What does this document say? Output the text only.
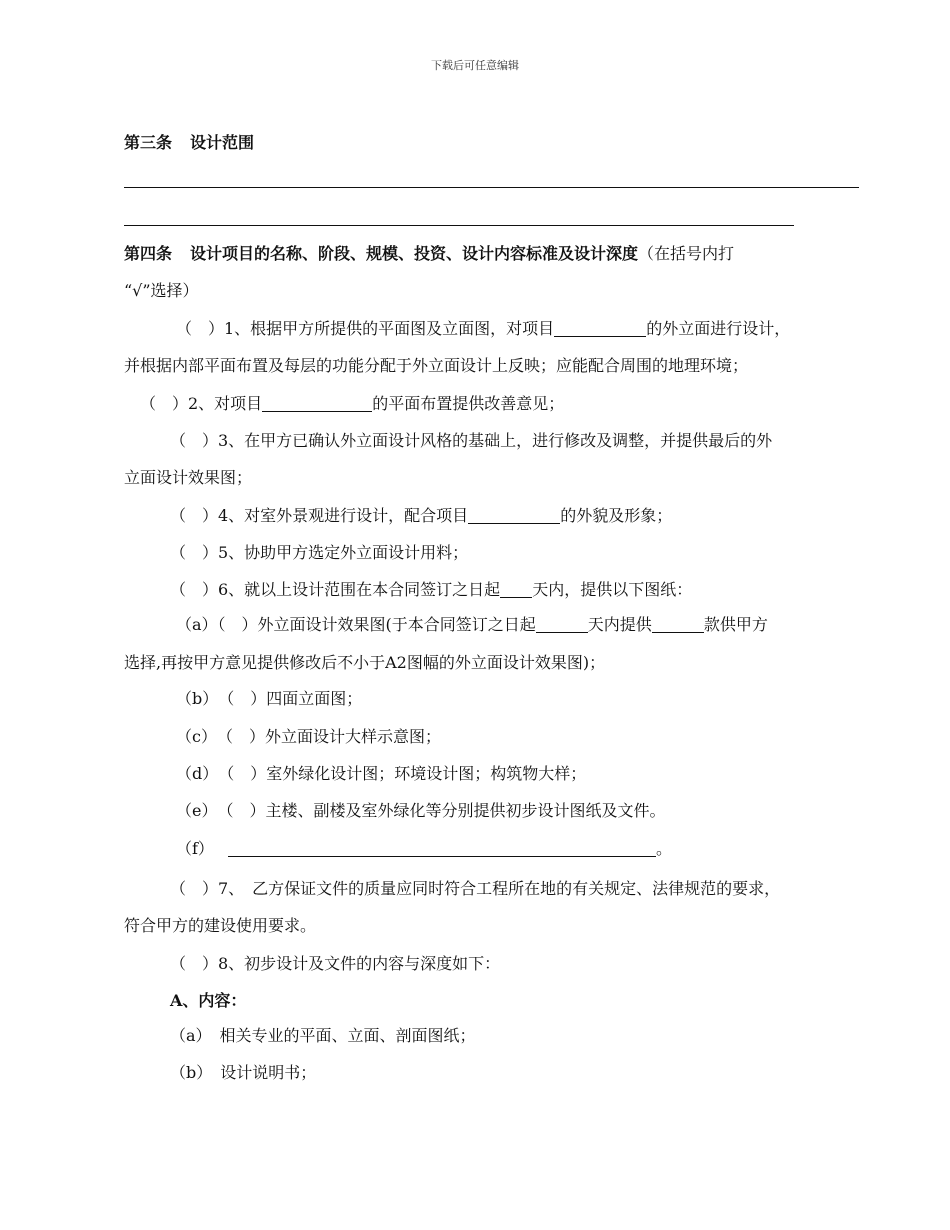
下载后可任意编辑
第三条 设计范围
第四条 设计项目的名称、阶段、规模、投资、设计内容标准及设计深度（在括号内打
“√”选择）
（　）1、根据甲方所提供的平面图及立面图，对项目	的外立面进行设计，
并根据内部平面布置及每层的功能分配于外立面设计上反映；应能配合周围的地理环境；
（　）2、对项目	的平面布置提供改善意见；
（　）3、在甲方已确认外立面设计风格的基础上，进行修改及调整，并提供最后的外
立面设计效果图；
（　）4、对室外景观进行设计，配合项目	的外貌及形象；
（　）5、协助甲方选定外立面设计用料；
（　）6、就以上设计范围在本合同签订之日起 天内，提供以下图纸：
（a）（　）外立面设计效果图(于本合同签订之日起	天内提供	款供甲方
选择,再按甲方意见提供修改后不小于A2图幅的外立面设计效果图)；
（b）　（　）四面立面图；
（c）　（　）外立面设计大样示意图；
（d）　（　）室外绿化设计图；环境设计图；构筑物大样；
（e）　（　）主楼、副楼及室外绿化等分别提供初步设计图纸及文件。
（f）	。
（　）7、　乙方保证文件的质量应同时符合工程所在地的有关规定、法律规范的要求，
符合甲方的建设使用要求。
（　）8、初步设计及文件的内容与深度如下：
A、内容：
（a）　相关专业的平面、立面、剖面图纸；
（b）　设计说明书；
